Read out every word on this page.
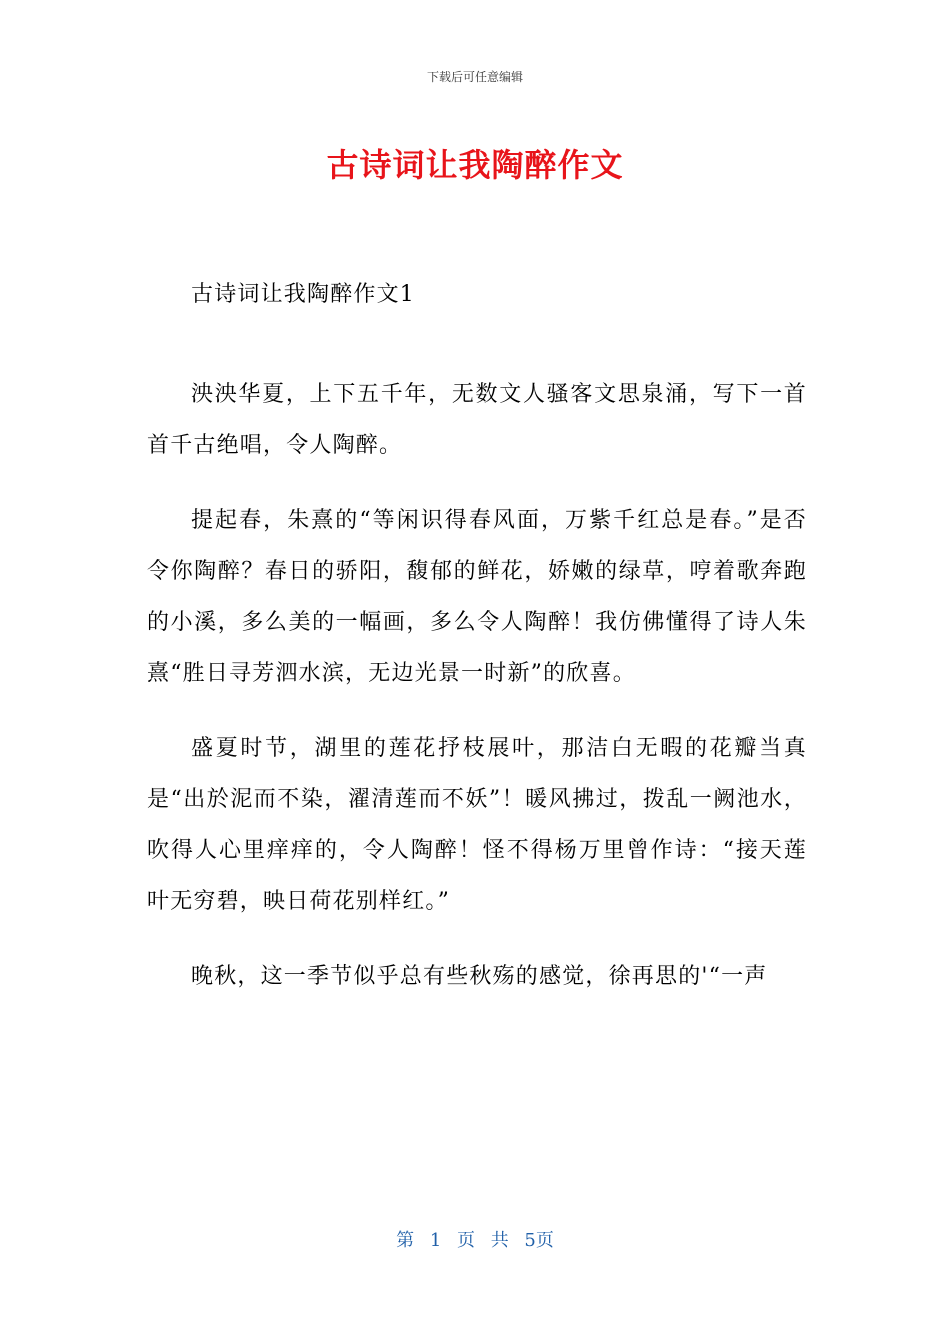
下载后可任意编辑
古诗词让我陶醉作文

古诗词让我陶醉作文1

泱泱华夏，上下五千年，无数文人骚客文思泉涌，写下一首首千古绝唱，令人陶醉。

提起春，朱熹的“等闲识得春风面，万紫千红总是春。”是否令你陶醉？春日的骄阳，馥郁的鲜花，娇嫩的绿草，哼着歌奔跑的小溪，多么美的一幅画，多么令人陶醉！我仿佛懂得了诗人朱熹“胜日寻芳泗水滨，无边光景一时新”的欣喜。

盛夏时节，湖里的莲花抒枝展叶，那洁白无暇的花瓣当真是“出於泥而不染，濯清莲而不妖”！暖风拂过，拨乱一阙池水，吹得人心里痒痒的，令人陶醉！怪不得杨万里曾作诗：“接天莲叶无穷碧，映日荷花别样红。”

晚秋，这一季节似乎总有些秋殇的感觉，徐再思的'“一声

第 1 页 共 5页
